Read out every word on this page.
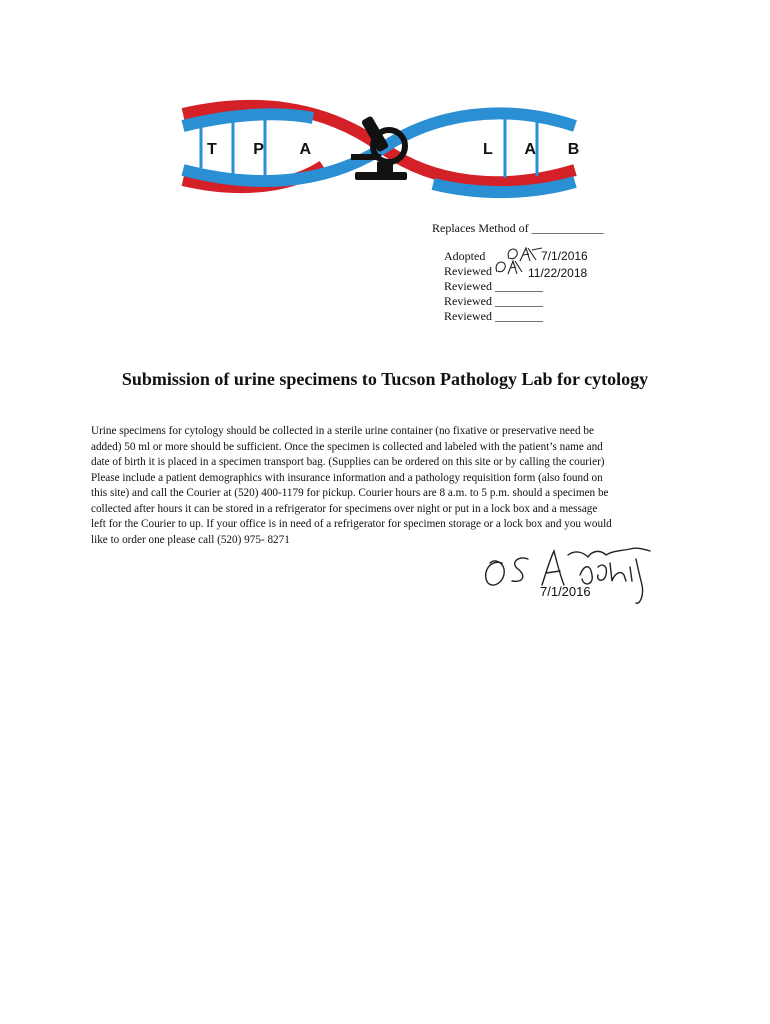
T P A	L A B
Replaces Method of ____________
Adopted	7/1/2016
Reviewed	11/22/2018
Reviewed ________
Reviewed ________
Reviewed ________
Submission of urine specimens to Tucson Pathology Lab for cytology
Urine specimens for cytology should be collected in a sterile urine container (no fixative or preservative need be
added) 50 ml or more should be sufficient. Once the specimen is collected and labeled with the patient’s name and
date of birth it is placed in a specimen transport bag. (Supplies can be ordered on this site or by calling the courier)
Please include a patient demographics with insurance information and a pathology requisition form (also found on
this site) and call the Courier at (520) 400-1179 for pickup. Courier hours are 8 a.m. to 5 p.m. should a specimen be
collected after hours it can be stored in a refrigerator for specimens over night or put in a lock box and a message
left for the Courier to up. If your office is in need of a refrigerator for specimen storage or a lock box and you would
like to order one please call (520) 975- 8271
7/1/2016
